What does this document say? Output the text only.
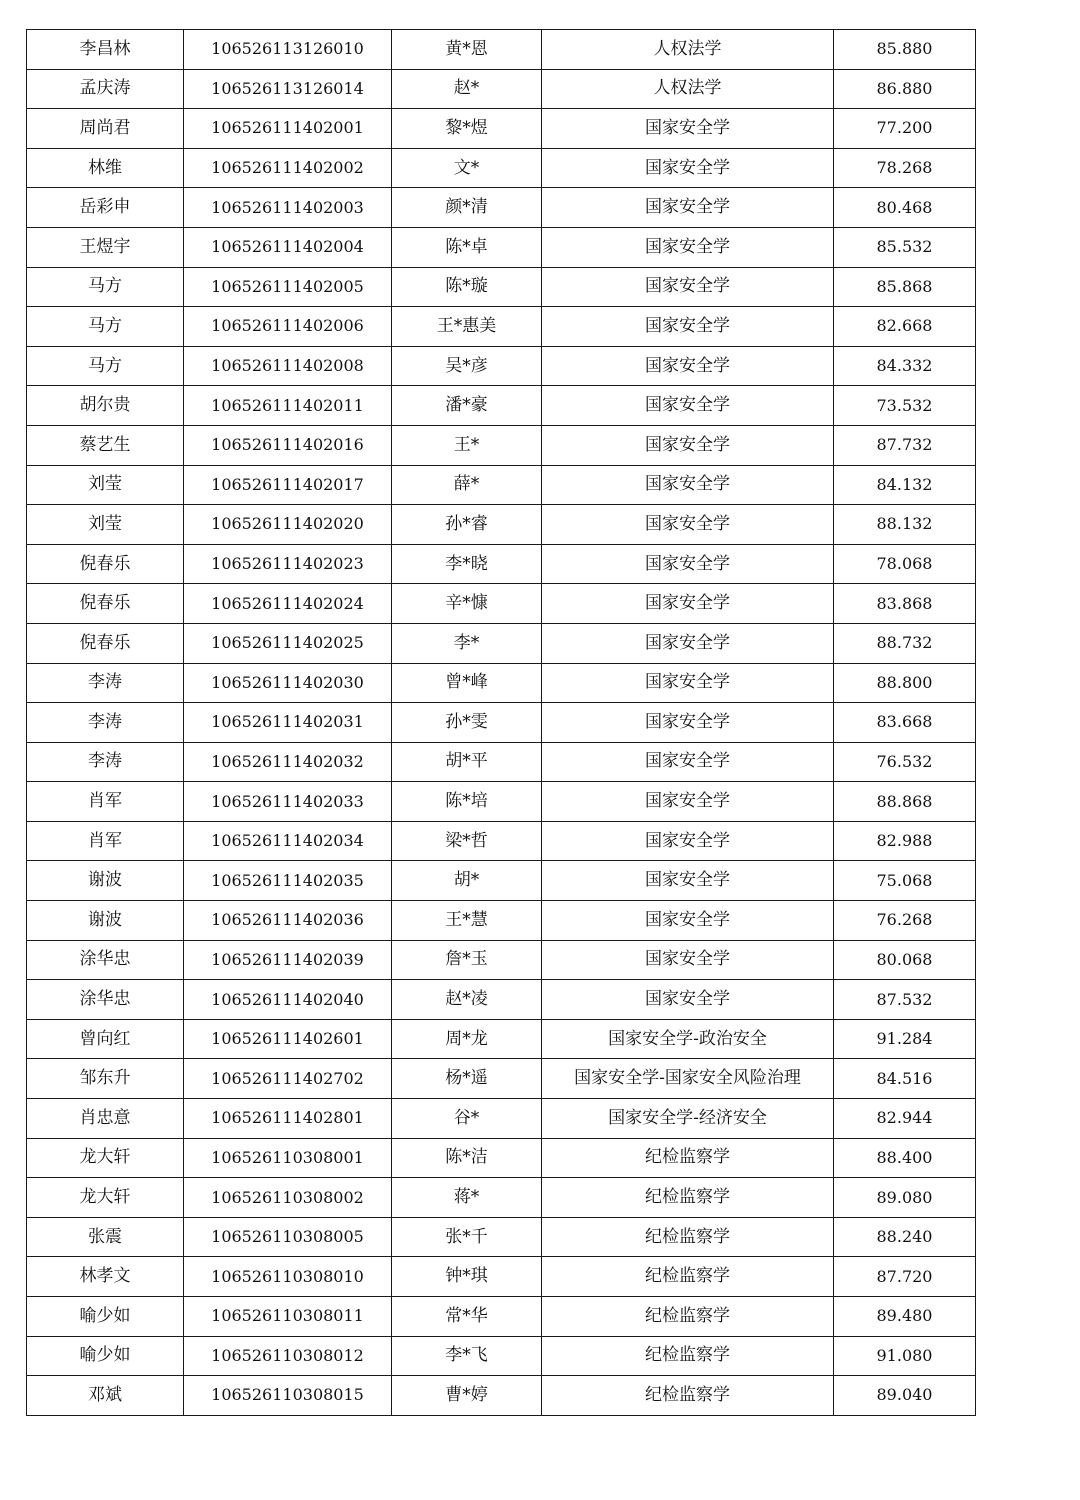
李昌林	106526113126010	黄*恩	人权法学	85.880
孟庆涛	106526113126014	赵*	人权法学	86.880
周尚君	106526111402001	黎*煜	国家安全学	77.200
林维	106526111402002	文*	国家安全学	78.268
岳彩申	106526111402003	颜*清	国家安全学	80.468
王煜宇	106526111402004	陈*卓	国家安全学	85.532
马方	106526111402005	陈*璇	国家安全学	85.868
马方	106526111402006	王*惠美	国家安全学	82.668
马方	106526111402008	吴*彦	国家安全学	84.332
胡尔贵	106526111402011	潘*豪	国家安全学	73.532
蔡艺生	106526111402016	王*	国家安全学	87.732
刘莹	106526111402017	薛*	国家安全学	84.132
刘莹	106526111402020	孙*睿	国家安全学	88.132
倪春乐	106526111402023	李*晓	国家安全学	78.068
倪春乐	106526111402024	辛*慷	国家安全学	83.868
倪春乐	106526111402025	李*	国家安全学	88.732
李涛	106526111402030	曾*峰	国家安全学	88.800
李涛	106526111402031	孙*雯	国家安全学	83.668
李涛	106526111402032	胡*平	国家安全学	76.532
肖军	106526111402033	陈*培	国家安全学	88.868
肖军	106526111402034	梁*哲	国家安全学	82.988
谢波	106526111402035	胡*	国家安全学	75.068
谢波	106526111402036	王*慧	国家安全学	76.268
涂华忠	106526111402039	詹*玉	国家安全学	80.068
涂华忠	106526111402040	赵*凌	国家安全学	87.532
曾向红	106526111402601	周*龙	国家安全学-政治安全	91.284
邹东升	106526111402702	杨*遥	国家安全学-国家安全风险治理	84.516
肖忠意	106526111402801	谷*	国家安全学-经济安全	82.944
龙大轩	106526110308001	陈*洁	纪检监察学	88.400
龙大轩	106526110308002	蒋*	纪检监察学	89.080
张震	106526110308005	张*千	纪检监察学	88.240
林孝文	106526110308010	钟*琪	纪检监察学	87.720
喻少如	106526110308011	常*华	纪检监察学	89.480
喻少如	106526110308012	李*飞	纪检监察学	91.080
邓斌	106526110308015	曹*婷	纪检监察学	89.040
